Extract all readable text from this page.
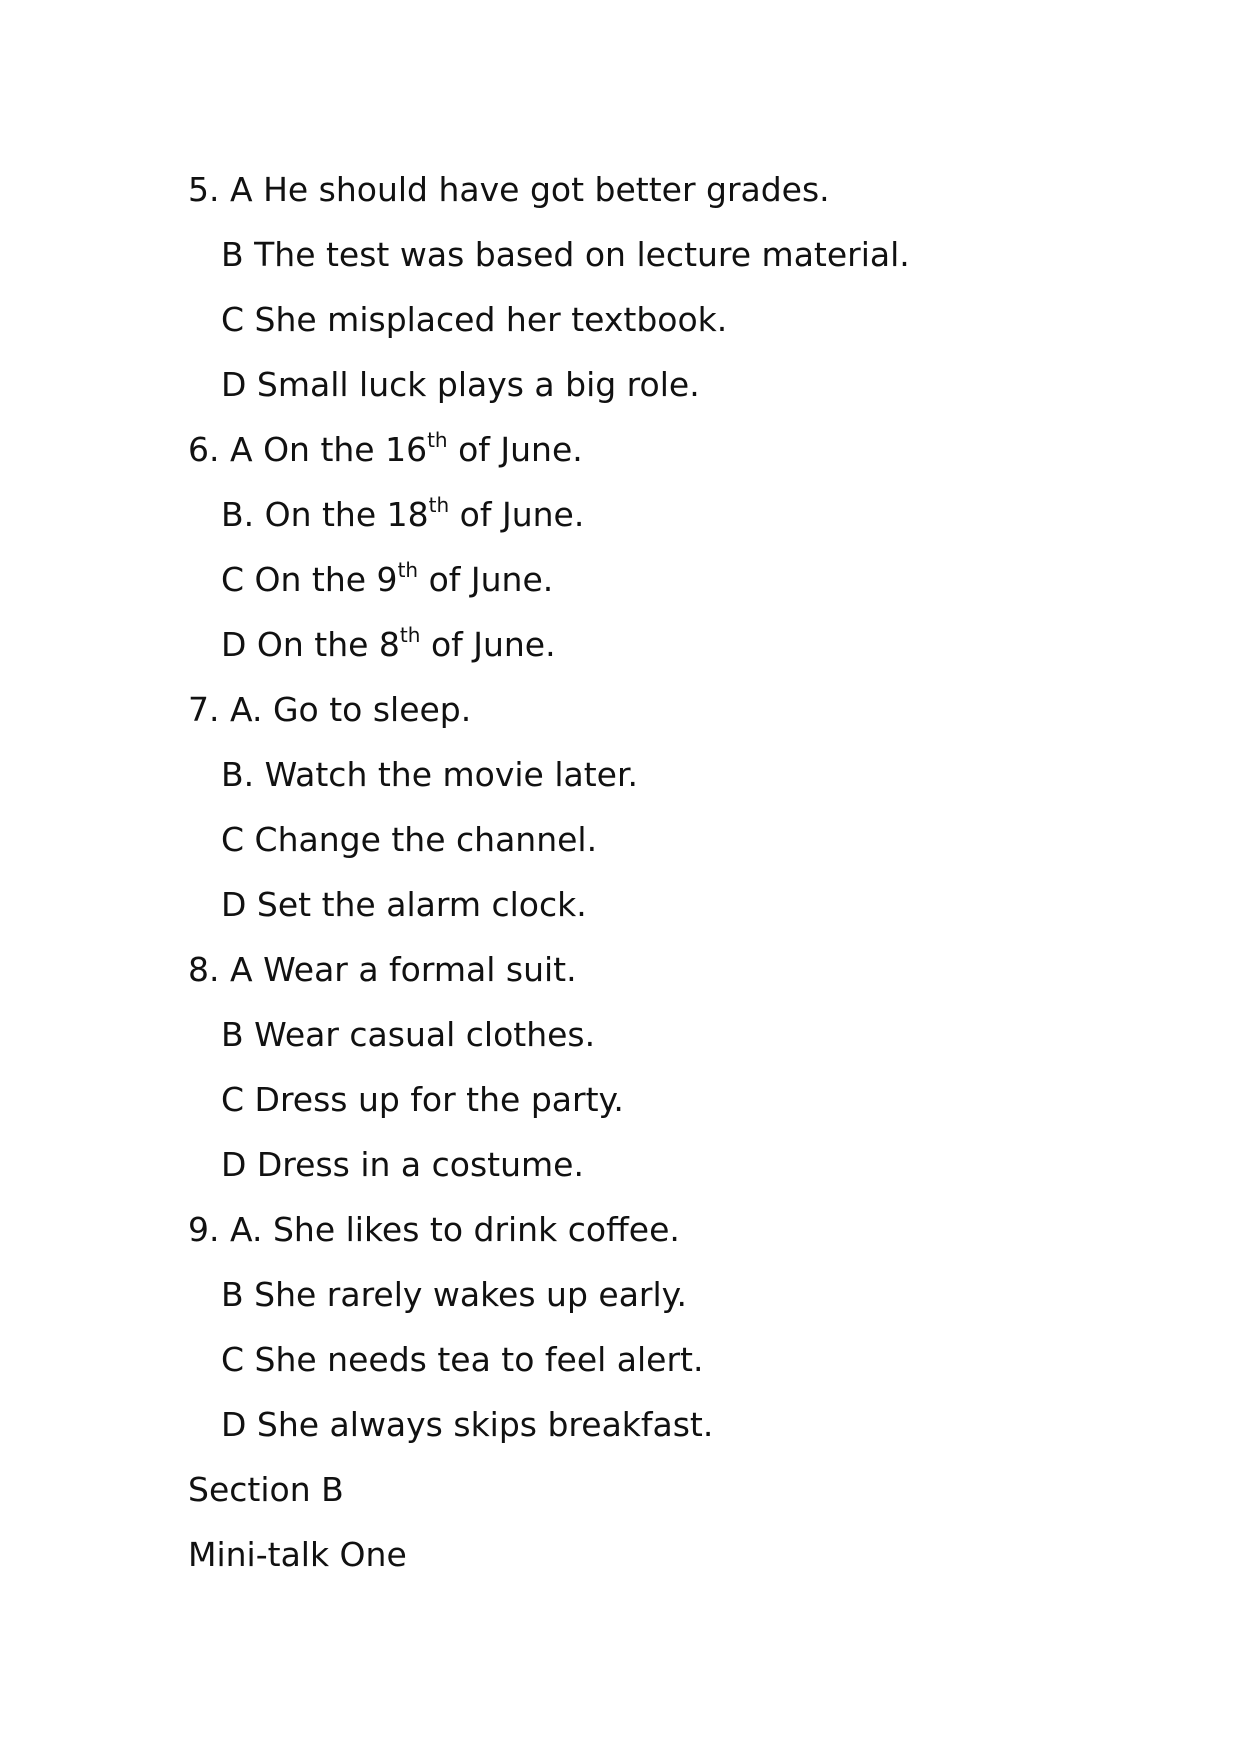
5. A He should have got better grades.
B The test was based on lecture material.
C She misplaced her textbook.
D Small luck plays a big role.
6. A On the 16th of June.
B. On the 18th of June.
C On the 9th of June.
D On the 8th of June.
7. A. Go to sleep.
B. Watch the movie later.
C Change the channel.
D Set the alarm clock.
8. A Wear a formal suit.
B Wear casual clothes.
C Dress up for the party.
D Dress in a costume.
9. A. She likes to drink coffee.
B She rarely wakes up early.
C She needs tea to feel alert.
D She always skips breakfast.
Section B
Mini-talk One
